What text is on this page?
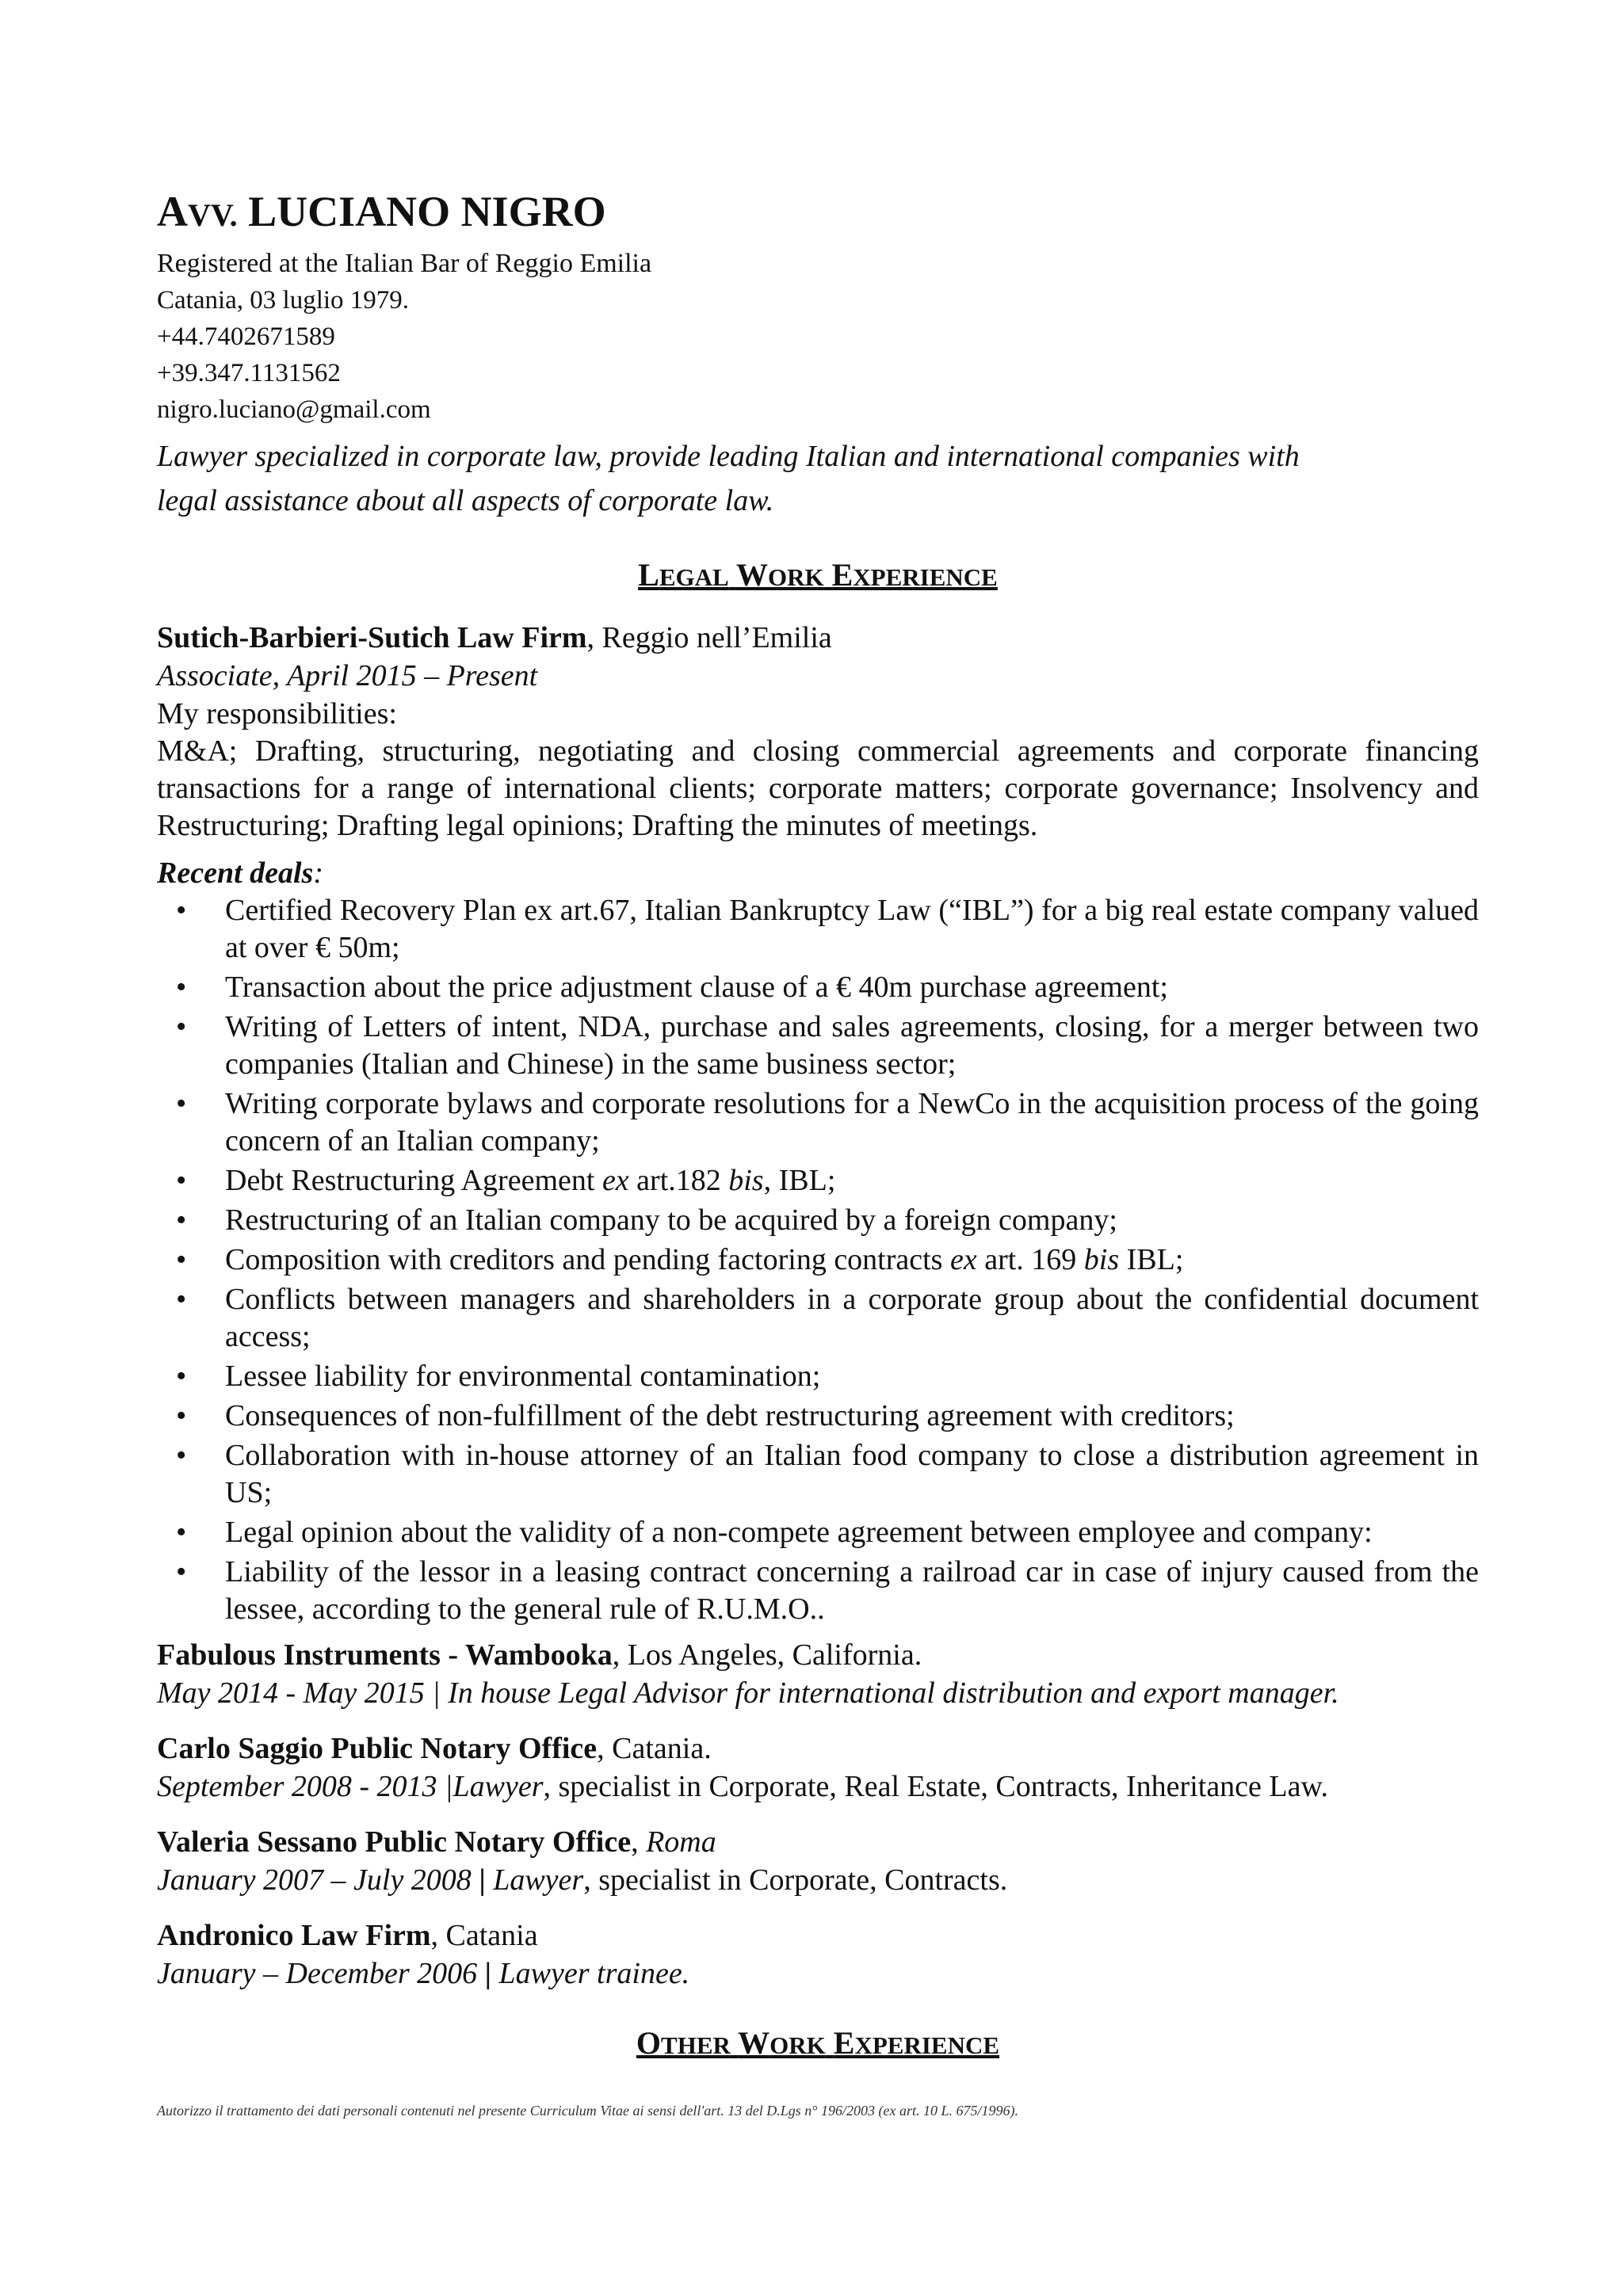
AVV. LUCIANO NIGRO
Registered at the Italian Bar of Reggio Emilia
Catania, 03 luglio 1979.
+44.7402671589
+39.347.1131562
nigro.luciano@gmail.com
Lawyer specialized in corporate law, provide leading Italian and international companies with
legal assistance about all aspects of corporate law.
LEGAL WORK EXPERIENCE
Sutich-Barbieri-Sutich Law Firm, Reggio nell’Emilia
Associate, April 2015 – Present
My responsibilities:
M&A; Drafting, structuring, negotiating and closing commercial agreements and corporate financing transactions for a range of international clients; corporate matters; corporate governance; Insolvency and Restructuring; Drafting legal opinions; Drafting the minutes of meetings.
Recent deals:
• Certified Recovery Plan ex art.67, Italian Bankruptcy Law (“IBL”) for a big real estate company valued at over € 50m;
• Transaction about the price adjustment clause of a € 40m purchase agreement;
• Writing of Letters of intent, NDA, purchase and sales agreements, closing, for a merger between two companies (Italian and Chinese) in the same business sector;
• Writing corporate bylaws and corporate resolutions for a NewCo in the acquisition process of the going concern of an Italian company;
• Debt Restructuring Agreement ex art.182 bis, IBL;
• Restructuring of an Italian company to be acquired by a foreign company;
• Composition with creditors and pending factoring contracts ex art. 169 bis IBL;
• Conflicts between managers and shareholders in a corporate group about the confidential document access;
• Lessee liability for environmental contamination;
• Consequences of non-fulfillment of the debt restructuring agreement with creditors;
• Collaboration with in-house attorney of an Italian food company to close a distribution agreement in US;
• Legal opinion about the validity of a non-compete agreement between employee and company:
• Liability of the lessor in a leasing contract concerning a railroad car in case of injury caused from the lessee, according to the general rule of R.U.M.O..
Fabulous Instruments - Wambooka, Los Angeles, California.
May 2014 - May 2015 | In house Legal Advisor for international distribution and export manager.
Carlo Saggio Public Notary Office, Catania.
September 2008 - 2013 |Lawyer, specialist in Corporate, Real Estate, Contracts, Inheritance Law.
Valeria Sessano Public Notary Office, Roma
January 2007 – July 2008 | Lawyer, specialist in Corporate, Contracts.
Andronico Law Firm, Catania
January – December 2006 | Lawyer trainee.
OTHER WORK EXPERIENCE
Autorizzo il trattamento dei dati personali contenuti nel presente Curriculum Vitae ai sensi dell'art. 13 del D.Lgs n° 196/2003 (ex art. 10 L. 675/1996).
